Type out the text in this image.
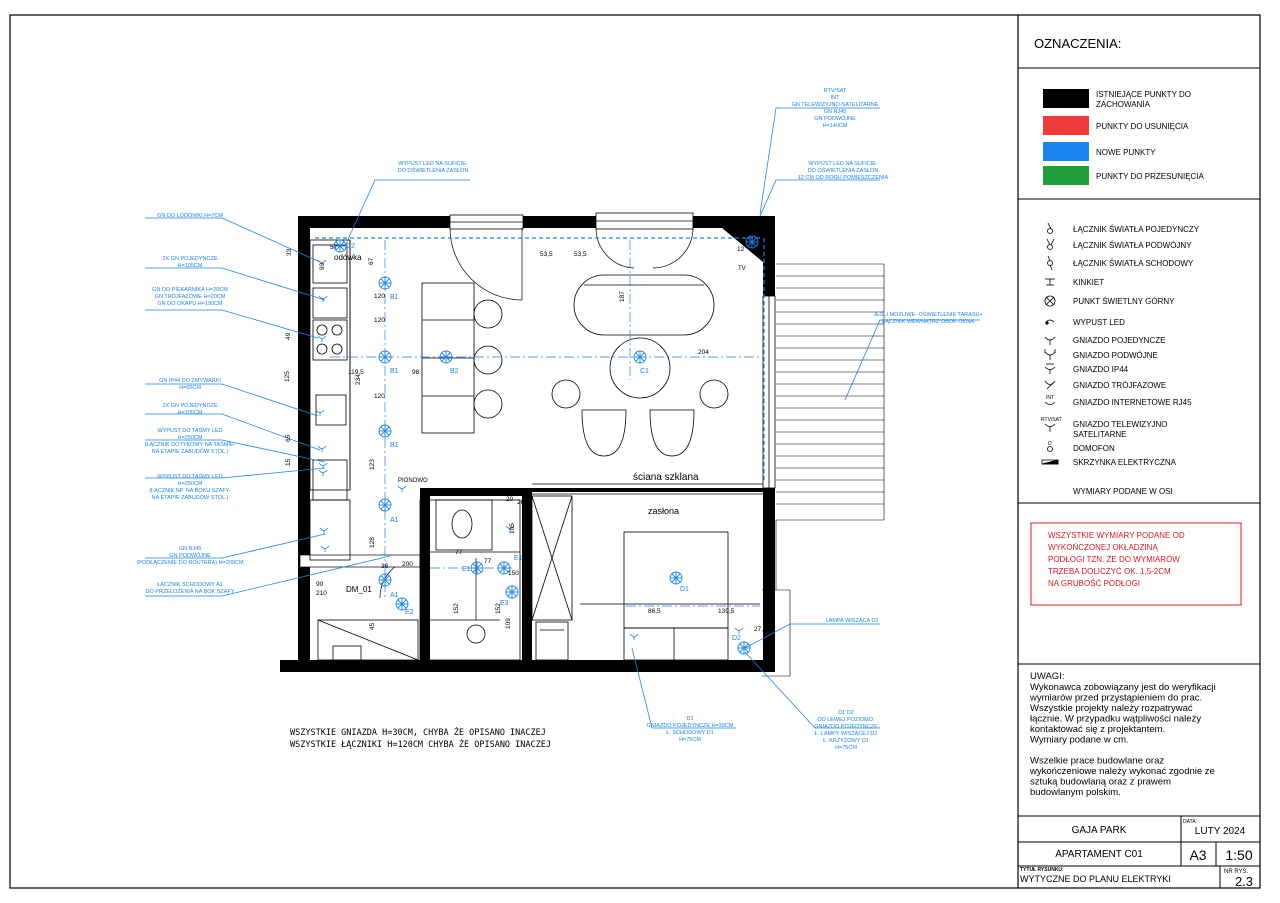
OZNACZENIA:
ISTNIEJĄCE PUNKTY DO
ZACHOWANIA
PUNKTY DO USUNIĘCIA
NOWE PUNKTY
PUNKTY DO PRZESUNIĘCIA
ŁĄCZNIK ŚWIATŁA POJEDYNCZY
ŁĄCZNIK ŚWIATŁA PODWÓJNY
ŁĄCZNIK ŚWIATŁA SCHODOWY
KINKIET
PUNKT ŚWIETLNY GÓRNY
WYPUST LED
GNIAZDO POJEDYNCZE
GNIAZDO PODWÓJNE
GNIAZDO IP44
GNIAZDO TRÓJFAZOWE
INT GNIAZDO INTERNETOWE RJ45
RTV/SAT GNIAZDO TELEWIZYJNO
SATELITARNE
D	DOMOFON
SKRZYNKA ELEKTRYCZNA
WYMIARY PODANE W OSI
WSZYSTKIE WYMIARY PODANE OD
WYKOŃCZONEJ OKŁADZINĄ
PODŁOGI TZN. ŻE DO WYMIARÓW
TRZEBA DOLICZYĆ OK. 1,5-2CM
NA GRUBOŚĆ PODŁOGI
UWAGI:
Wykonawca zobowiązany jest do weryfikacji
wymiarów przed przystąpieniem do prac.
Wszystkie projekty należy rozpatrywać
łącznie. W przypadku wątpliwości należy
kontaktować się z projektantem.
Wymiary podane w cm.
Wszelkie prace budowlane oraz
wykończeniowe należy wykonać zgodnie ze
sztuką budowlaną oraz z prawem
budowlanym polskim.
GAJA PARK
DATA:
LUTY 2024
APARTAMENT C01	A3 1:50
TYTUŁ RYSUNKU:
WYTYCZNE DO PLANU ELEKTRYKI
NR RYS.
2.3
B1
B1	B2
B1
A1
A1
C1
D1
E1
E3
D2
C2
E1
E2
GN DO LODÓWKI H=7CM
2X GN POJEDYNCZE
H=105CM
GN DO PIEKARNIKA H=20CM
GN TRÓJFAZOWE H=20CM
GN DO OKAPU H=190CM
GN IP44 DO ZMYWARKI
H=65CM
2X GN POJEDYNCZE
H=105CM
WYPUST DO TAŚMY LED
H=250CM
(ŁĄCZNIK DOTYKOWY NA TAŚMIE-
NA ETAPIE ZABUDÓW STOL.)
WYPUST DO TAŚMY LED
H=250CM
(ŁĄCZNIK NP. NA BOKU SZAFY-
NA ETAPIE ZABUDÓW STOL.)
GN RJ45
GN PODWÓJNE
(PODŁĄCZENIE DO ROUTERA) H=200CM
ŁĄCZNIK SCHODOWY A1
DO PRZEŁOŻENIA NA BOK SZAFY
WYPUST LED NA SUFICIE-
DO OŚWIETLENIA ZASŁON
RTV/SAT
INT
GN TELEWIZYJNO-SATELITARNE
GN RJ45
GN PODWÓJNE
H=140CM
WYPUST LED NA SUFICIE-
DO OŚWIETLENIA ZASŁON
12 CM OD ROGU POMIESZCZENIA
JEŚLI MOŻLIWE- OŚWIETLENIE TARASU+
ŁĄCZNIK WEWNĄTRZ OBOK OKNA
LAMPA WISZĄCA D2
D1
GNIAZDO POJEDYNCZE H=30CM
Ł. SCHODOWY D1
H=75CM
D1 D2
OD LEWEJ POZIOMO:
GNIAZDO POJEDYNCZE
Ł. LAMPY WISZĄCEJ D2
Ł. KRZYŻOWY D1
H=75CM
57
33
93
67
120
49
120
125	119,5	98
234
120
123
65
15
53,5	53,5
187
204
20
12
26
77
105
200
150
152	152
109
128
45
90
210
86,5	139,5
27,5
77
36
odówka
ściana szklana
zasłona
TV
PIONOWO
DM_01
WSZYSTKIE GNIAZDA H=30CM, CHYBA ŻE OPISANO INACZEJ
WSZYSTKIE ŁĄCZNIKI H=120CM CHYBA ŻE OPISANO INACZEJ
